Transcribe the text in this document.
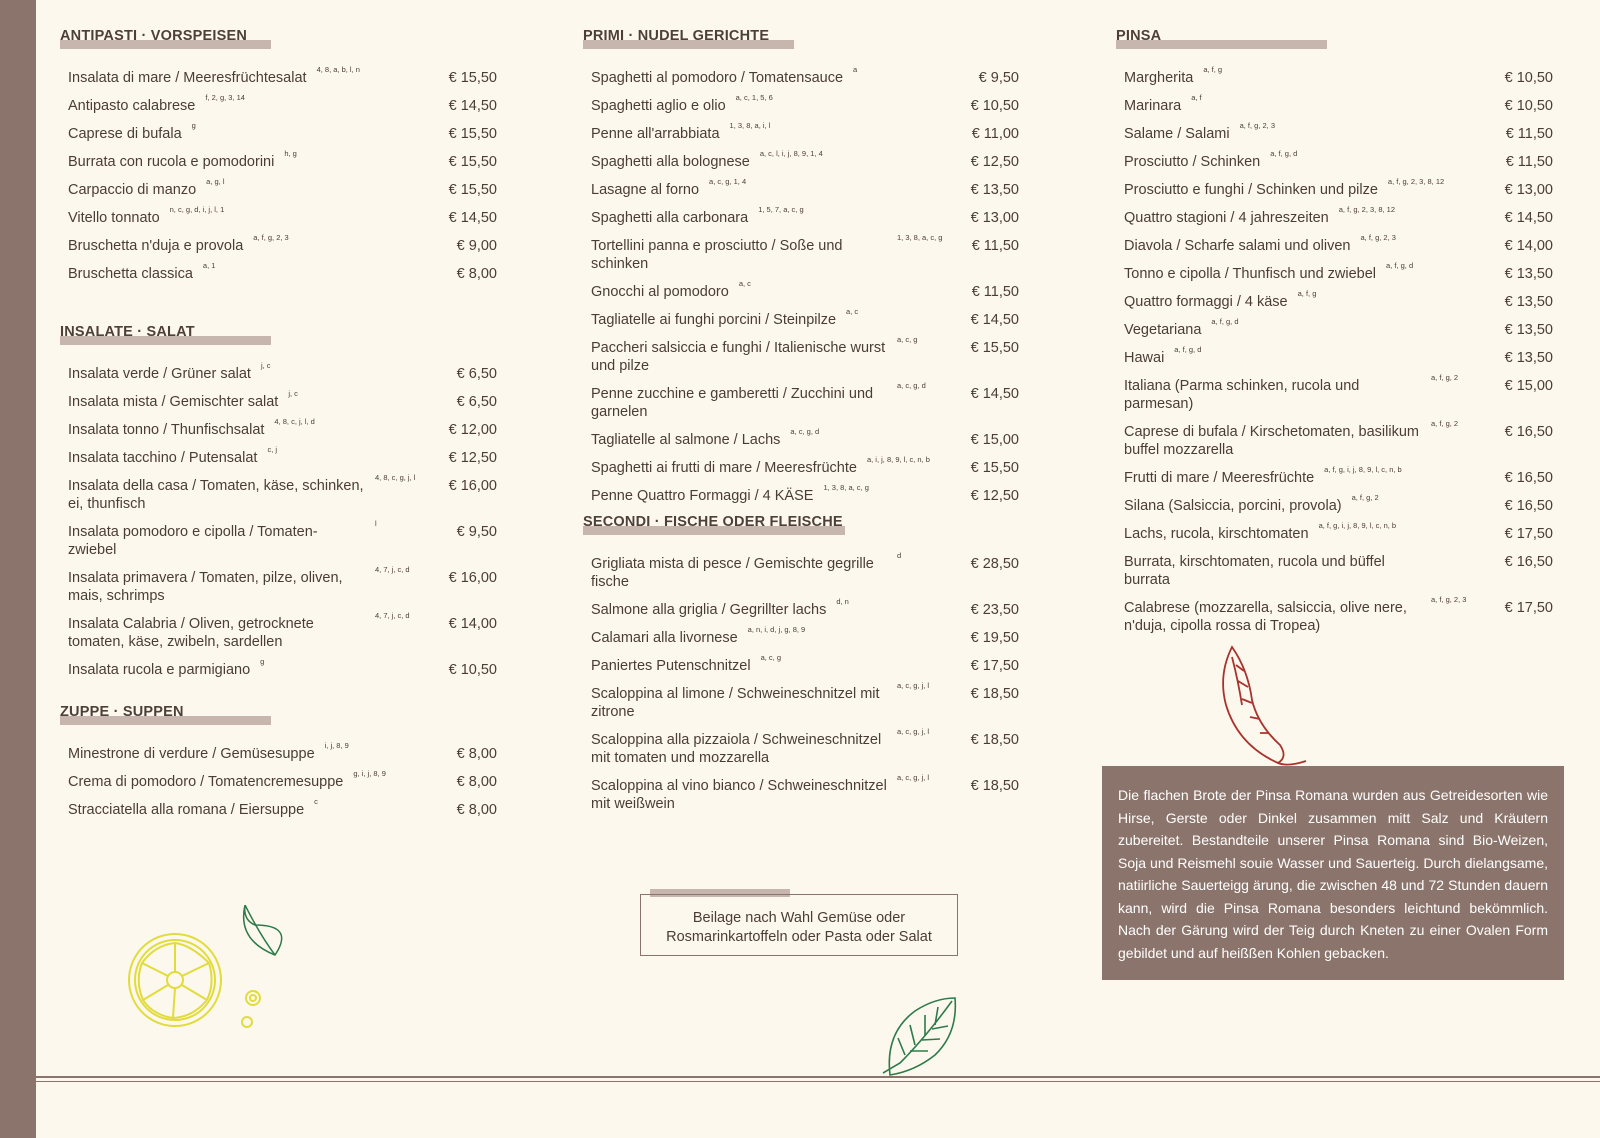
ANTIPASTI · VORSPEISEN
Insalata di mare / Meeresfrüchtesalat
4, 8, a, b, l, n
€ 15,50
Antipasto calabrese
f, 2, g, 3, 14
€ 14,50
Caprese di bufala
g
€ 15,50
Burrata con rucola e pomodorini
h, g
€ 15,50
Carpaccio di manzo
a, g, l
€ 15,50
Vitello tonnato
n, c, g, d, i, j, l, 1
€ 14,50
Bruschetta n'duja e provola
a, f, g, 2, 3
€ 9,00
Bruschetta classica
a, 1
€ 8,00
INSALATE · SALAT
Insalata verde / Grüner salat
j, c
€ 6,50
Insalata mista / Gemischter salat
j, c
€ 6,50
Insalata tonno / Thunfischsalat
4, 8, c, j, l, d
€ 12,00
Insalata tacchino / Putensalat
c, j
€ 12,50
Insalata della casa / Tomaten, käse, schinken, ei, thunfisch
4, 8, c, g, j, l
€ 16,00
Insalata pomodoro e cipolla / Tomaten-zwiebel
l
€ 9,50
Insalata primavera / Tomaten, pilze, oliven, mais, schrimps
4, 7, j, c, d
€ 16,00
Insalata Calabria / Oliven, getrocknete tomaten, käse, zwibeln, sardellen
4, 7, j, c, d
€ 14,00
Insalata rucola e parmigiano
g
€ 10,50
ZUPPE · SUPPEN
Minestrone di verdure / Gemüsesuppe
i, j, 8, 9
€ 8,00
Crema di pomodoro / Tomatencremesuppe
g, i, j, 8, 9
€ 8,00
Stracciatella alla romana / Eiersuppe
c
€ 8,00
PRIMI · NUDEL GERICHTE
Spaghetti al pomodoro / Tomatensauce
a
€ 9,50
Spaghetti aglio e olio
a, c, 1, 5, 6
€ 10,50
Penne all'arrabbiata
1, 3, 8, a, i, l
€ 11,00
Spaghetti alla bolognese
a, c, l, i, j, 8, 9, 1, 4
€ 12,50
Lasagne al forno
a, c, g, 1, 4
€ 13,50
Spaghetti alla carbonara
1, 5, 7, a, c, g
€ 13,00
Tortellini panna e prosciutto / Soße und schinken
1, 3, 8, a, c, g
€ 11,50
Gnocchi al pomodoro
a, c
€ 11,50
Tagliatelle ai funghi porcini / Steinpilze
a, c
€ 14,50
Paccheri salsiccia e funghi / Italienische wurst und pilze
a, c, g
€ 15,50
Penne zucchine e gamberetti / Zucchini und garnelen
a, c, g, d
€ 14,50
Tagliatelle al salmone / Lachs
a, c, g, d
€ 15,00
Spaghetti ai frutti di mare / Meeresfrüchte
a, i, j, 8, 9, l, c, n, b
€ 15,50
Penne Quattro Formaggi / 4 KÄSE
1, 3, 8, a, c, g
€ 12,50
SECONDI · FISCHE ODER FLEISCHE
Grigliata mista di pesce / Gemischte gegrille fische
d
€ 28,50
Salmone alla griglia / Gegrillter lachs
d, n
€ 23,50
Calamari alla livornese
a, n, i, d, j, g, 8, 9
€ 19,50
Paniertes Putenschnitzel
a, c, g
€ 17,50
Scaloppina al limone / Schweineschnitzel mit zitrone
a, c, g, j, l
€ 18,50
Scaloppina alla pizzaiola / Schweineschnitzel mit tomaten und mozzarella
a, c, g, j, l
€ 18,50
Scaloppina al vino bianco / Schweineschnitzel mit weißwein
a, c, g, j, l
€ 18,50
Beilage nach Wahl Gemüse oder
Rosmarinkartoffeln oder Pasta oder Salat
PINSA
Margherita
a, f, g
€ 10,50
Marinara
a, f
€ 10,50
Salame / Salami
a, f, g, 2, 3
€ 11,50
Prosciutto / Schinken
a, f, g, d
€ 11,50
Prosciutto e funghi / Schinken und pilze
a, f, g, 2, 3, 8, 12
€ 13,00
Quattro stagioni / 4 jahreszeiten
a, f, g, 2, 3, 8, 12
€ 14,50
Diavola / Scharfe salami und oliven
a, f, g, 2, 3
€ 14,00
Tonno e cipolla / Thunfisch und zwiebel
a, f, g, d
€ 13,50
Quattro formaggi / 4 käse
a, f, g
€ 13,50
Vegetariana
a, f, g, d
€ 13,50
Hawai
a, f, g, d
€ 13,50
Italiana (Parma schinken, rucola und parmesan)
a, f, g, 2
€ 15,00
Caprese di bufala / Kirschetomaten, basilikum buffel mozzarella
a, f, g, 2
€ 16,50
Frutti di mare / Meeresfrüchte
a, f, g, i, j, 8, 9, l, c, n, b
€ 16,50
Silana (Salsiccia, porcini, provola)
a, f, g, 2
€ 16,50
Lachs, rucola, kirschtomaten
a, f, g, i, j, 8, 9, l, c, n, b
€ 17,50
Burrata, kirschtomaten, rucola und büffel burrata
€ 16,50
Calabrese (mozzarella, salsiccia, olive nere, n'duja, cipolla rossa di Tropea)
a, f, g, 2, 3
€ 17,50
Die flachen Brote der Pinsa Romana wurden aus Getreidesorten wie Hirse, Gerste oder Dinkel zusammen mitt Salz und Kräutern zubereitet. Bestandteile unserer Pinsa Romana sind Bio-Weizen, Soja und Reismehl souie Wasser und Sauerteig. Durch dielangsame, natiirliche Sauerteigg ärung, die zwischen 48 und 72 Stunden dauern kann, wird die Pinsa Romana besonders leichtund bekömmlich. Nach der Gärung wird der Teig durch Kneten zu einer Ovalen Form gebildet und auf heißßen Kohlen gebacken.
